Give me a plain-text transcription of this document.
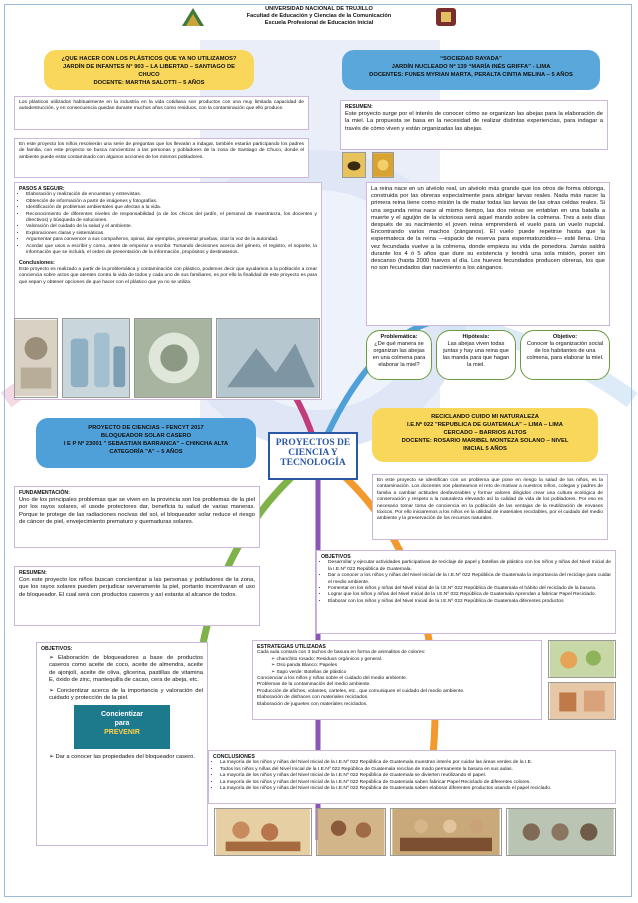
UNIVERSIDAD NACIONAL DE TRUJILLO
Facultad de Educación y Ciencias de la Comunicación
Escuela Profesional de Educación Inicial
¿QUE HACER CON LOS PLÁSTICOS QUE YA NO UTILIZAMOS?
JARDÍN DE INFANTES N° 903 – LA LIBERTAD – SANTIAGO DE CHUCO
DOCENTE: MARTHA SALOTTI – 5 AÑOS
Los plásticos utilizados habitualmente en la industria en la vida cotidiana son productos con una muy limitada capacidad de autodestrucción, y en consecuencia quedan durante muchos años como residuos, con la contaminación que ello produce.
En este proyecto los niños resolverán una serie de preguntas que los llevarán a indagar, también estarán participando los padres de familia, con este proyecto se busca concientizar a las personas y pobladores de la zona de Santiago de Chuco, donde el ambiente puede estar contaminado con algunos acciones de los mismos pobladores.
PASOS A SEGUIR:
• Elaboración y realización de encuestas y entrevistas.
• Obtención de información a partir de imágenes y fotografías.
• Identificación de problemas ambientales que afectan a la vida.
• Reconocimiento de diferentes niveles de responsabilidad (a de los chicos del jardín, el personal de maestranza, los docentes y directivos) y búsqueda de soluciones.
• Valoración del cuidado de la salud y el ambiente.
• Exploraciones claras y sistemáticas.
• Argumentar para convencer a sus compañeros, opinar, dar ejemplos, presentar pruebas, citar la voz de la autoridad.
• Acordar que usos a escribir y como, antes de empezar a escribir. Tomando decisiones acerca del género, el registro, el soporte, la información que se incluirá, el orden de presentación de la información, propósitos y destinatarios.
Conclusiones:
Este proyecto es realizado a partir de la problemática y contaminación con plástico, podemos decir que ayudamos a la población a crear conciencia sobre actos que atenten contra la vida de todos y cada uno de sus familiares, es por ello la finalidad de este proyecto es para que sepan y obtener opciones de que hacer con el plástico que ya no se utiliza.
“SOCIEDAD RAYADA”
JARDÍN NUCLEADO Nº 139 “MARÍA INÉS GRIFFA” - LIMA
DOCENTES: FUNES MYRIAN MARTA, PERALTA CINTIA MELINA – 5 AÑOS
RESUMEN:
Este proyecto surge por el interés de conocer cómo se organizan las abejas para la elaboración de la miel. La propuesta se basa en la necesidad de realizar distintas experiencias, para indagar a través de cómo viven y están organizadas las abejas.
La reina nace en un alvéolo real, un alvéolo más grande que los otros de forma oblonga, construida por las obreras especialmente para abrigar larvas reales. Nada más nacer la primera reina tiene como misión la de matar todas las larvas de las otras celdas reales. Si una segunda reina nace al mismo tiempo, las dos reinas se entablan en una batalla a muerte y el aguijón de la victoriosa será aquel mando sobre la colmena. Tres a seis días después de su nacimiento el joven reina emprenderá el vuelo para un vuelo nupcial. Encontrando varios machos (zánganos). El vuelo puede repetirse hasta que la espermateca de la reina —espacio de reserva para espermatozoides— esté llena. Una vez fecundada vuelve a la colmena, donde empieza su vida de ponedora. Jamás saldrá durante los 4 ó 5 años que dure su existencia y tendrá una sola misión, poner sin descanso (hasta 2000 huevos al día. Los huevos fecundados producen obreras, los que no son fecundados dan nacimiento a los zánganos.
Problemática:
¿De qué manera se organizan las abejas en una colmena para elaborar la miel?
Hipótesis:
Las abejas viven todas juntas y hay una reina que las manda para que hagan la miel.
Objetivo:
Conocer la organización social de los habitantes de una colmena, para elaborar la miel.
PROYECTOS DE
CIENCIA Y
TECNOLOGÍA
PROYECTO DE CIENCIAS – FENCYT 2017
BLOQUEADOR SOLAR CASERO
I E P Nº 23001 " SEBASTIAN BARRANCA" – CHINCHA ALTA
CATEGORÍA "A" – 5 AÑOS
FUNDAMENTACIÓN:
Uno de los principales problemas que se viven en la provincia son los problemas de la piel por los rayos solares, el usode protectores dar, beneficia tu salud de varias maneras. Porque te protege de las radiaciones nocivas del sol, el bloqueador solar reduce el riesgo de cáncer de piel, envejecimiento prematuro y quemaduras solares.
RESUMEN:
Con este proyecto los niños buscan concientizar a las personas y pobladores de la zona, que los rayos solares pueden perjudicar severamente la piel, portanto incentivaran el uso de bloqueador. El cual será con productos caseros y así estarás al alcance de todos.
OBJETIVOS:
➢ Elaboración de bloqueadores a base de productos caseros como aceite de coco, aceite de almendra, aceite de ajonjolí, aceite de oliva, glicerina, pastillas de vitamina E, óxido de zinc, mantequilla de cacao, cera de abeja, etc.
➢ Concientizar acerca de la importancia y valoración del cuidado y protección de la piel.
Concientizar
para
PREVENIR
➢ Dar a conocer las propiedades del bloqueador casero.
RECICLANDO CUIDO MI NATURALEZA
I.E.Nº 022 "REPUBLICA DE GUATEMALA" – LIMA – LIMA
CERCADO – BARRIOS ALTOS
DOCENTE: ROSARIO MARIBEL MONTEZA SOLANO – NIVEL
INICIAL 5 AÑOS
En este proyecto se identifican con un problema que pone en riesgo la salud de los niños, es la contaminación. Los docentes nos planteamos el reto de motivar a nuestros niños, colegas y padres de familia a cambiar actitudes desfavorables y formar valores dirigidos crear una cultura ecológica de conservación y respeto a la naturaleza elevando así la calidad de vida de los pobladores. Por eso es necesario tomar toma de conciencia en la población de las ventajas de la reutilización de envases tóxicos. Por ello iniciaremos a los niños en la utilidad de materiales reciclables, por el cuidado del medio ambiente y la preservación de los recursos naturales.
OBJETIVOS
• Desarrollar y ejecutar actividades participativas de reciclaje de papel y botellas de plástico con los niños y niñas del Nivel Inicial de la I.E.Nº 022 República de Guatemala.
• Dar a conocer a los niños y niñas del Nivel inicial de la I.E.Nº 022 República de Guatemala la importancia del reciclaje para cuidar el medio ambiente.
• Fomentar en los niños y niñas del Nivel Inicial de la I.E.Nº 022 República de Guatemala el hábito del reciclado de la basura.
• Lograr que los niños y niñas del Nivel Inicial de la I.E.Nº 022 República de Guatemala Aprendan a fabricar Papel Reciclado.
• Elaborar con los niños y niñas del Nivel Inicial de la I.E.Nº 022 República de Guatemala diferentes productos
ESTRATEGIAS UTILIZADAS
Cada aula contará con 3 tachos de basura en forma de animalitos de colores:
➢ chanchito rosado: Residuos orgánicos y general.
➢ Oso panda Blanco: Papeles
➢ Sapo verde: Botellas de plástico
Concienciar a los niños y niñas sobre el cuidado del medio ambiente.
Problemas de la contaminación del medio ambiente.
Producción de afiches, volantes, carteles, etc., que comuniquen el cuidado del medio ambiente.
Elaboración de disfraces con materiales reciclados.
Elaboración de juguetes con materiales reciclados.
CONCLUSIONES
• La mayoría de los niños y niñas del Nivel Inicial de la I.E.Nº 022 República de Guatemala muestran interés por cuidar las áreas verdes de la I.E.
• Todos los niños y niñas del Nivel Inicial de la I.E.Nº 022 República de Guatemala reciclan de modo permanente la basura en sus aulas.
• La mayoría de los niños y niñas del Nivel Inicial de la I.E.Nº 022 República de Guatemala se divierten reutilizando el papel.
• La mayoría de los niños y niñas del Nivel Inicial de la I.E.Nº 022 República de Guatemala saben fabricar Papel Reciclado de diferentes colores.
• La mayoría de los niños y niñas del Nivel Inicial de la I.E.Nº 022 República de Guatemala saben elaborar diferentes productos usando el papel reciclado.
